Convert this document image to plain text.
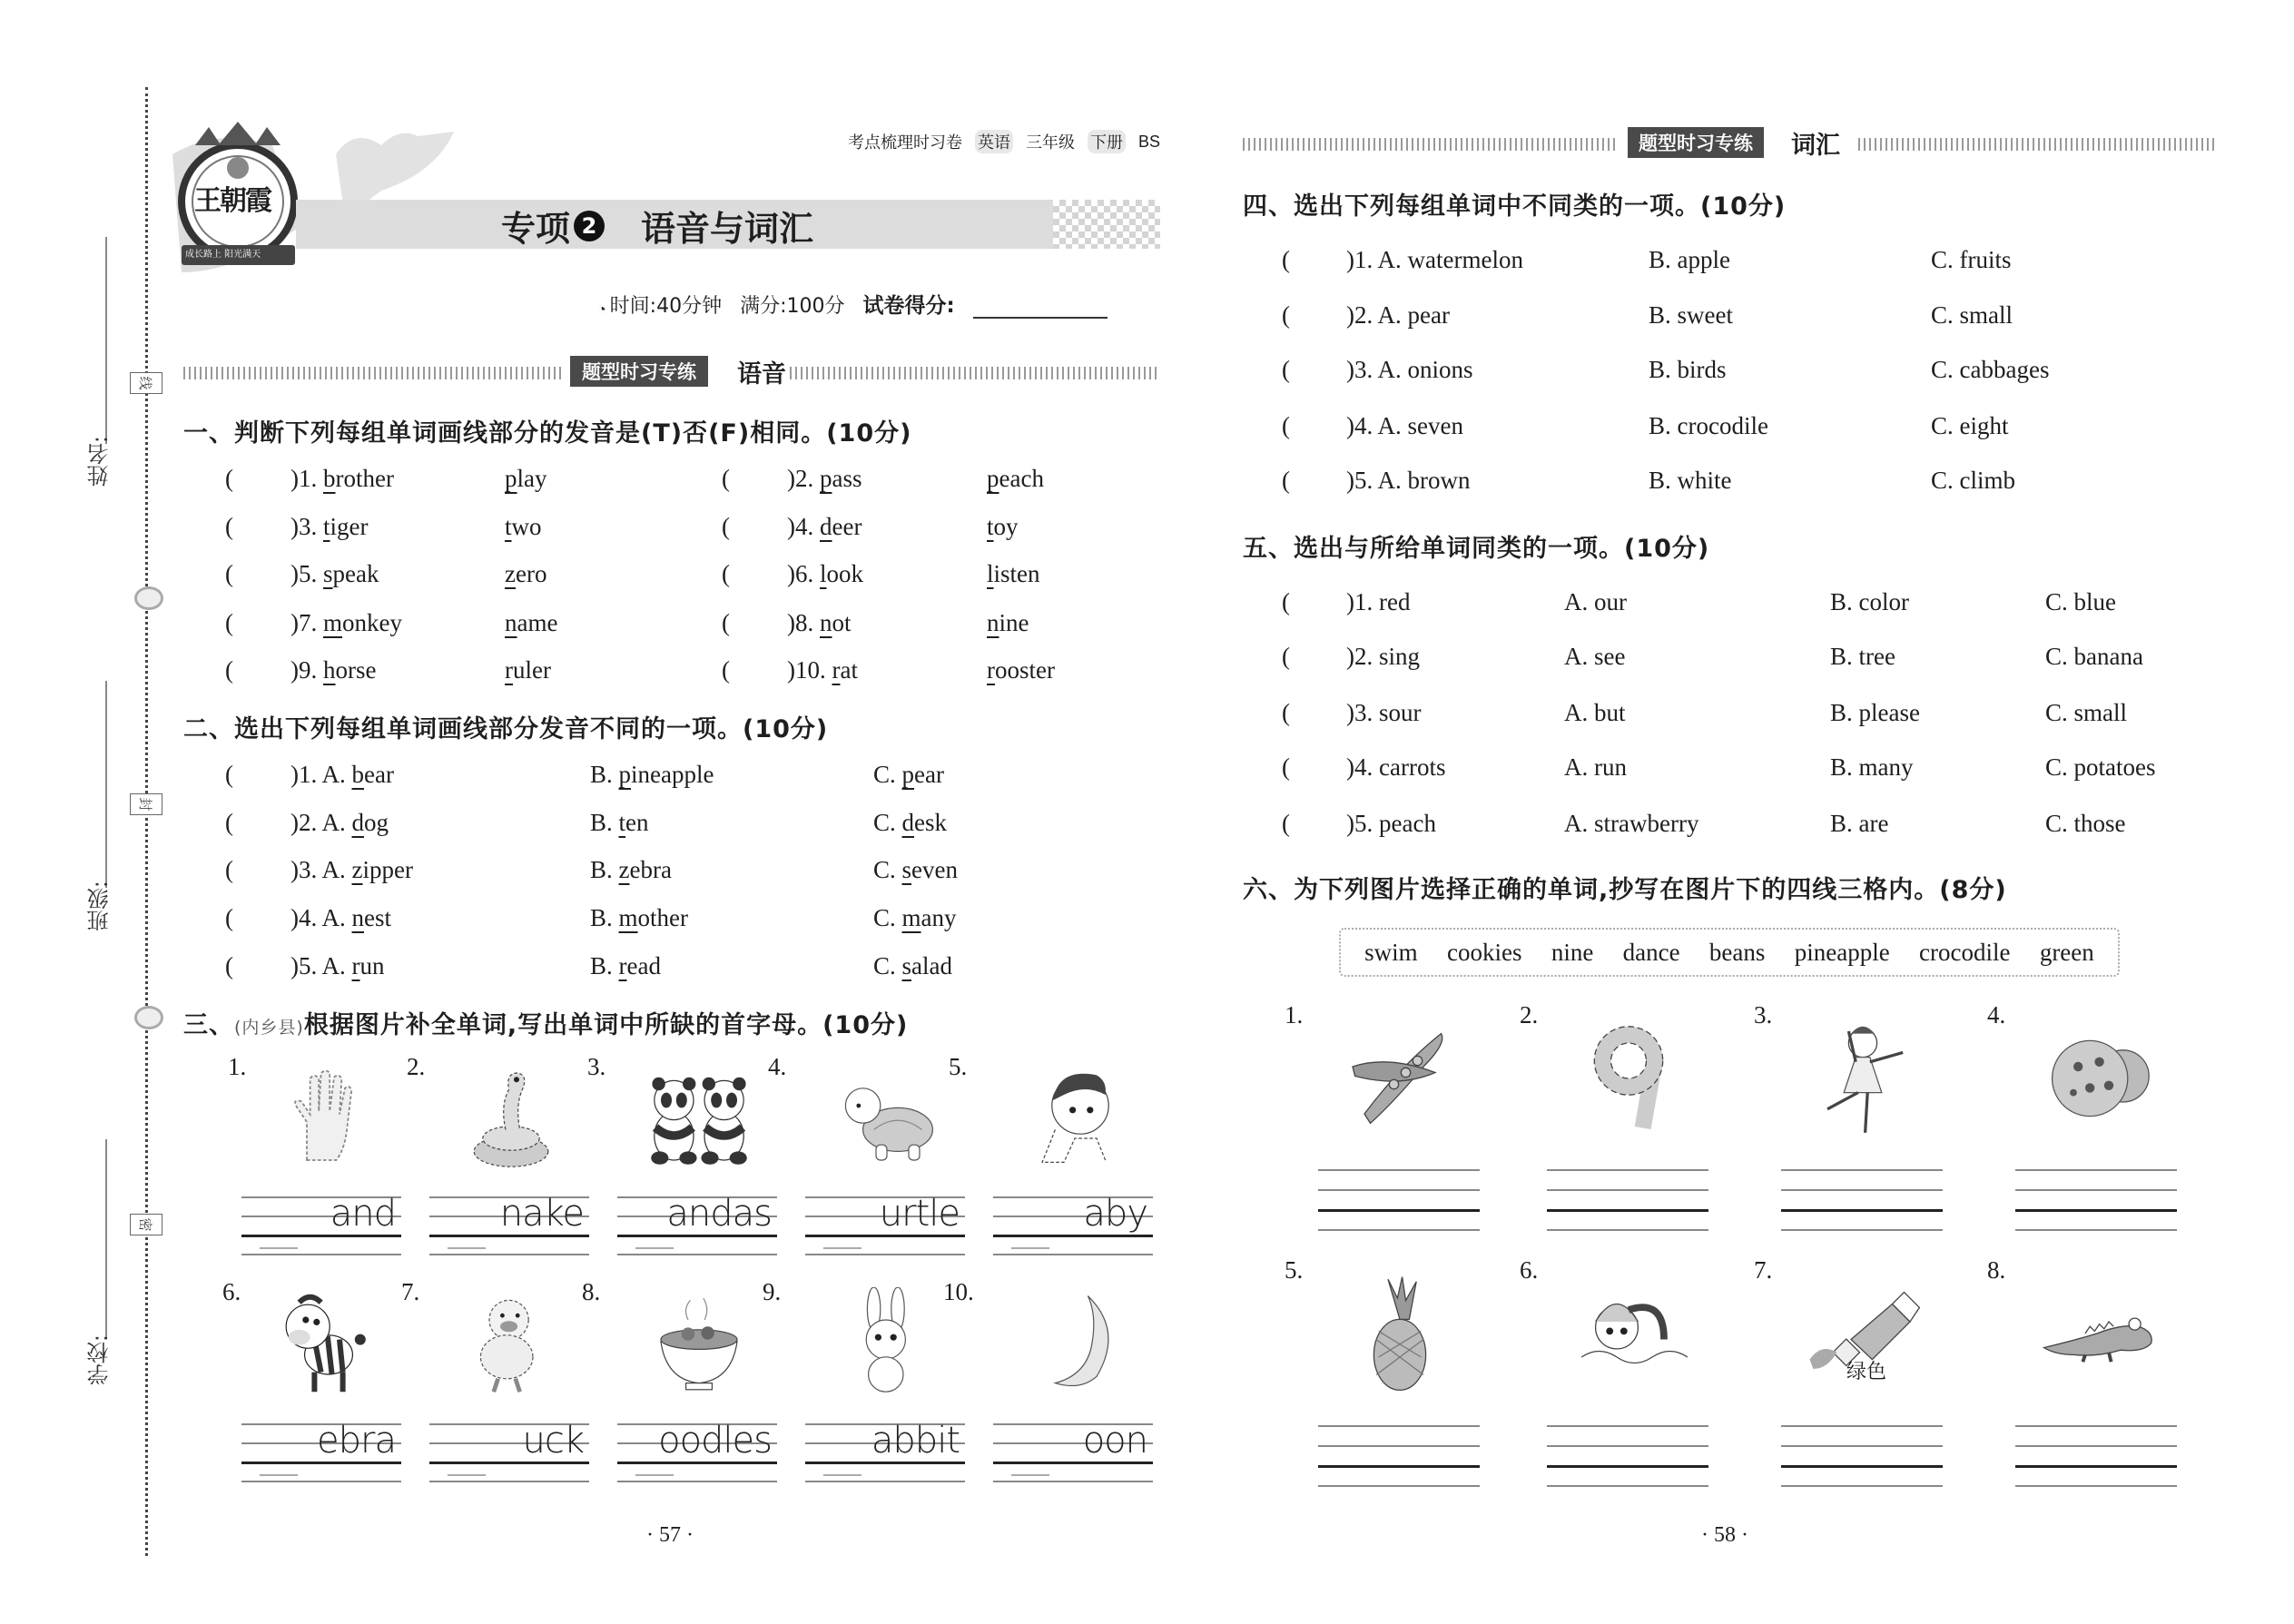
姓名:
班级:
学校:
线
封
密
王朝霞
成长路上 阳光满天
考点梳理时习卷 英语 三年级 下册 BS
专项 2 语音与词汇
◔ 时间:40分钟 满分:100分 试卷得分:
题型时习专练	语音
题型时习专练	词汇
一、判断下列每组单词画线部分的发音是(T)否(F)相同。(10分)
二、选出下列每组单词画线部分发音不同的一项。(10分)
三、(内乡县)根据图片补全单词,写出单词中所缺的首字母。(10分)
四、选出下列每组单词中不同类的一项。(10分)
五、选出与所给单词同类的一项。(10分)
六、为下列图片选择正确的单词,抄写在图片下的四线三格内。(8分)
(	)1. brother	play	(	)2. pass	peach
(	)3. tiger	two	(	)4. deer	toy
(	)5. speak	zero	(	)6. look	listen
(	)7. monkey	name	(	)8. not	nine
(	)9. horse	ruler	(	)10. rat	rooster
(	)1. A. bear	B. pineapple	C. pear
(	)2. A. dog	B. ten	C. desk
(	)3. A. zipper	B. zebra	C. seven
(	)4. A. nest	B. mother	C. many
(	)5. A. run	B. read	C. salad
(	)1. A. watermelon	B. apple	C. fruits
(	)2. A. pear	B. sweet	C. small
(	)3. A. onions	B. birds	C. cabbages
(	)4. A. seven	B. crocodile	C. eight
(	)5. A. brown	B. white	C. climb
(	)1. red	A. our	B. color	C. blue
(	)2. sing	A. see	B. tree	C. banana
(	)3. sour	A. but	B. please	C. small
(	)4. carrots	A. run	B. many	C. potatoes
(	)5. peach	A. strawberry	B. are	C. those
1.
and
2.
nake
3.
andas
4.
urtle
5.
aby
6.
ebra
7.
uck
8.
oodles
9.
abbit
10.
oon
swim cookies nine dance beans pineapple crocodile green
1.	2.	3.	4.
5.	6.	7.
绿色
8.
· 57 ·	· 58 ·
